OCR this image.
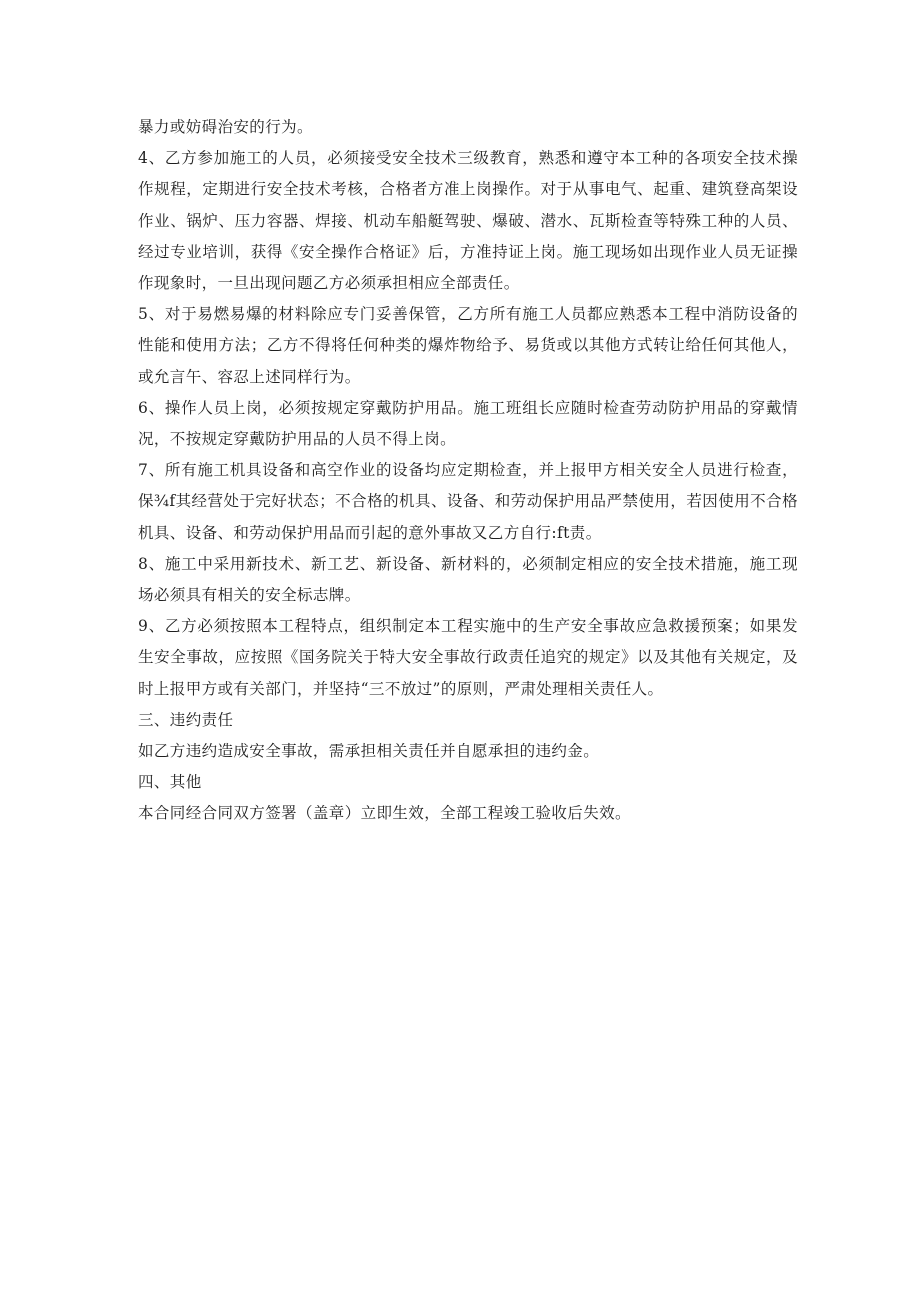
暴力或妨碍治安的行为。

4、乙方参加施工的人员，必须接受安全技术三级教育，熟悉和遵守本工种的各项安全技术操作规程，定期进行安全技术考核，合格者方准上岗操作。对于从事电气、起重、建筑登高架设作业、锅炉、压力容器、焊接、机动车船艇驾驶、爆破、潜水、瓦斯检查等特殊工种的人员、经过专业培训，获得《安全操作合格证》后，方准持证上岗。施工现场如出现作业人员无证操作现象时，一旦出现问题乙方必须承担相应全部责任。

5、对于易燃易爆的材料除应专门妥善保管，乙方所有施工人员都应熟悉本工程中消防设备的性能和使用方法；乙方不得将任何种类的爆炸物给予、易货或以其他方式转让给任何其他人，或允言午、容忍上述同样行为。

6、操作人员上岗，必须按规定穿戴防护用品。施工班组长应随时检查劳动防护用品的穿戴情况，不按规定穿戴防护用品的人员不得上岗。

7、所有施工机具设备和高空作业的设备均应定期检查，并上报甲方相关安全人员进行检查，保¾f其经营处于完好状态；不合格的机具、设备、和劳动保护用品严禁使用，若因使用不合格机具、设备、和劳动保护用品而引起的意外事故又乙方自行:ft责。

8、施工中采用新技术、新工艺、新设备、新材料的，必须制定相应的安全技术措施，施工现场必须具有相关的安全标志牌。

9、乙方必须按照本工程特点，组织制定本工程实施中的生产安全事故应急救援预案；如果发生安全事故，应按照《国务院关于特大安全事故行政责任追究的规定》以及其他有关规定，及时上报甲方或有关部门，并坚持“三不放过”的原则，严肃处理相关责任人。

三、违约责任

如乙方违约造成安全事故，需承担相关责任并自愿承担的违约金。

四、其他

本合同经合同双方签署（盖章）立即生效，全部工程竣工验收后失效。
